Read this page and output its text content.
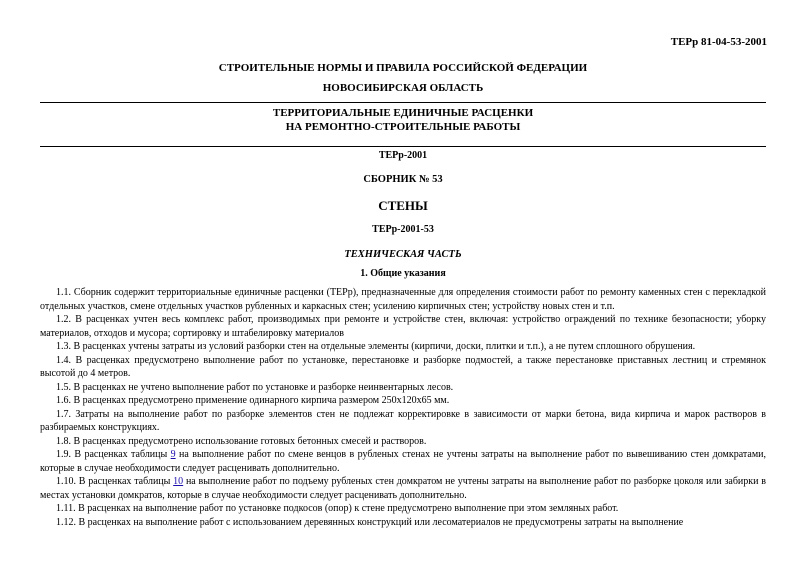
ТЕРр 81-04-53-2001
СТРОИТЕЛЬНЫЕ НОРМЫ И ПРАВИЛА РОССИЙСКОЙ ФЕДЕРАЦИИ
НОВОСИБИРСКАЯ ОБЛАСТЬ
ТЕРРИТОРИАЛЬНЫЕ ЕДИНИЧНЫЕ РАСЦЕНКИ
НА РЕМОНТНО-СТРОИТЕЛЬНЫЕ РАБОТЫ
ТЕРр-2001
СБОРНИК № 53
СТЕНЫ
ТЕРр-2001-53
ТЕХНИЧЕСКАЯ ЧАСТЬ
1. Общие указания

1.1. Сборник содержит территориальные единичные расценки (ТЕРр), предназначенные для определения стоимости работ по ремонту каменных стен с перекладкой отдельных участков, смене отдельных участков рубленных и каркасных стен; усилению кирпичных стен; устройству новых стен и т.п.

1.2. В расценках учтен весь комплекс работ, производимых при ремонте и устройстве стен, включая: устройство ограждений по технике безопасности; уборку материалов, отходов и мусора; сортировку и штабелировку материалов

1.3. В расценках учтены затраты из условий разборки стен на отдельные элементы (кирпичи, доски, плитки и т.п.), а не путем сплошного обрушения.

1.4. В расценках предусмотрено выполнение работ по установке, перестановке и разборке подмостей, а также перестановке приставных лестниц и стремянок высотой до 4 метров.

1.5. В расценках не учтено выполнение работ по установке и разборке неинвентарных лесов.

1.6. В расценках предусмотрено применение одинарного кирпича размером 250x120x65 мм.

1.7. Затраты на выполнение работ по разборке элементов стен не подлежат корректировке в зависимости от марки бетона, вида кирпича и марок растворов в разбираемых конструкциях.

1.8. В расценках предусмотрено использование готовых бетонных смесей и растворов.

1.9. В расценках таблицы 9 на выполнение работ по смене венцов в рубленых стенах не учтены затраты на выполнение работ по вывешиванию стен домкратами, которые в случае необходимости следует расценивать дополнительно.

1.10. В расценках таблицы 10 на выполнение работ по подъему рубленых стен домкратом не учтены затраты на выполнение работ по разборке цоколя или забирки в местах установки домкратов, которые в случае необходимости следует расценивать дополнительно.

1.11. В расценках на выполнение работ по установке подкосов (опор) к стене предусмотрено выполнение при этом земляных работ.

1.12. В расценках на выполнение работ с использованием деревянных конструкций или лесоматериалов не предусмотрены затраты на выполнение
